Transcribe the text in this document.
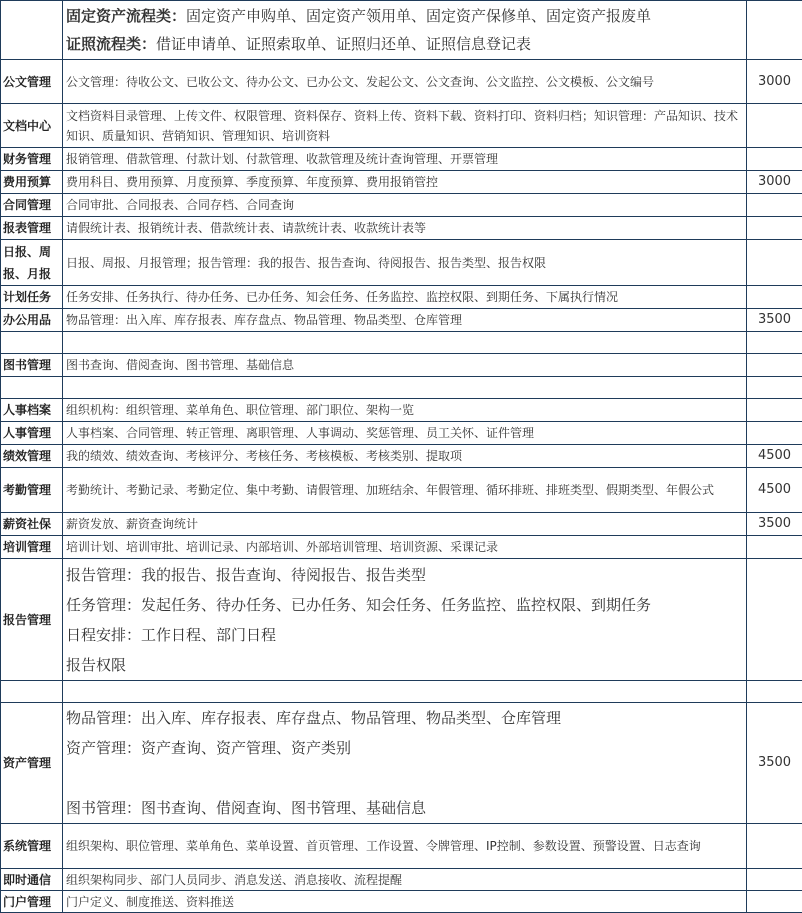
	固定资产流程类：固定资产申购单、固定资产领用单、固定资产保修单、固定资产报废单
证照流程类：借证申请单、证照索取单、证照归还单、证照信息登记表	

公文管理	公文管理：待收公文、已收公文、待办公文、已办公文、发起公文、公文查询、公文监控、公文模板、公文编号	3000
文档中心	文档资料目录管理、上传文件、权限管理、资料保存、资料上传、资料下载、资料打印、资料归档；知识管理：产品知识、技术知识、质量知识、营销知识、管理知识、培训资料	
财务管理	报销管理、借款管理、付款计划、付款管理、收款管理及统计查询管理、开票管理	
费用预算	费用科目、费用预算、月度预算、季度预算、年度预算、费用报销管控	3000
合同管理	合同审批、合同报表、合同存档、合同查询	
报表管理	请假统计表、报销统计表、借款统计表、请款统计表、收款统计表等	
日报、周报、月报	日报、周报、月报管理；报告管理：我的报告、报告查询、待阅报告、报告类型、报告权限	
计划任务	任务安排、任务执行、待办任务、已办任务、知会任务、任务监控、监控权限、到期任务、下属执行情况	
办公用品	物品管理：出入库、库存报表、库存盘点、物品管理、物品类型、仓库管理	3500

图书管理	图书查询、借阅查询、图书管理、基础信息	

人事档案	组织机构：组织管理、菜单角色、职位管理、部门职位、架构一览	
人事管理	人事档案、合同管理、转正管理、离职管理、人事调动、奖惩管理、员工关怀、证件管理	
绩效管理	我的绩效、绩效查询、考核评分、考核任务、考核模板、考核类别、提取项	4500
考勤管理	考勤统计、考勤记录、考勤定位、集中考勤、请假管理、加班结余、年假管理、循环排班、排班类型、假期类型、年假公式	4500
薪资社保	薪资发放、薪资查询统计	3500
培训管理	培训计划、培训审批、培训记录、内部培训、外部培训管理、培训资源、采课记录	
报告管理	报告管理：我的报告、报告查询、待阅报告、报告类型
任务管理：发起任务、待办任务、已办任务、知会任务、任务监控、监控权限、到期任务
日程安排：工作日程、部门日程
报告权限	

资产管理	物品管理：出入库、库存报表、库存盘点、物品管理、物品类型、仓库管理
资产管理：资产查询、资产管理、资产类别

图书管理：图书查询、借阅查询、图书管理、基础信息	3500
系统管理	组织架构、职位管理、菜单角色、菜单设置、首页管理、工作设置、令牌管理、IP控制、参数设置、预警设置、日志查询	
即时通信	组织架构同步、部门人员同步、消息发送、消息接收、流程提醒	
门户管理	门户定义、制度推送、资料推送	
